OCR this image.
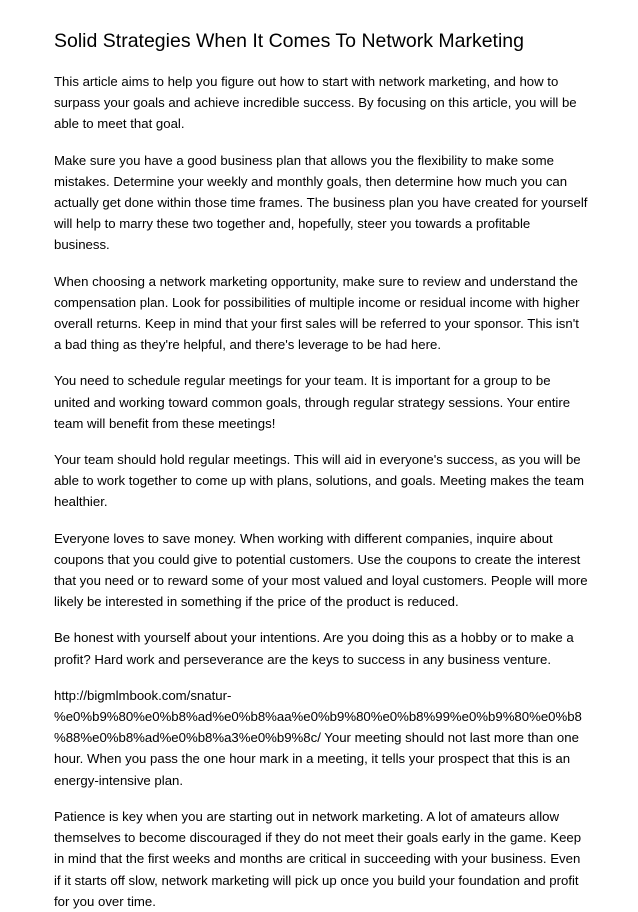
Solid Strategies When It Comes To Network Marketing

This article aims to help you figure out how to start with network marketing, and how to surpass your goals and achieve incredible success. By focusing on this article, you will be able to meet that goal.

Make sure you have a good business plan that allows you the flexibility to make some mistakes. Determine your weekly and monthly goals, then determine how much you can actually get done within those time frames. The business plan you have created for yourself will help to marry these two together and, hopefully, steer you towards a profitable business.

When choosing a network marketing opportunity, make sure to review and understand the compensation plan. Look for possibilities of multiple income or residual income with higher overall returns. Keep in mind that your first sales will be referred to your sponsor. This isn't a bad thing as they're helpful, and there's leverage to be had here.

You need to schedule regular meetings for your team. It is important for a group to be united and working toward common goals, through regular strategy sessions. Your entire team will benefit from these meetings!

Your team should hold regular meetings. This will aid in everyone's success, as you will be able to work together to come up with plans, solutions, and goals. Meeting makes the team healthier.

Everyone loves to save money. When working with different companies, inquire about coupons that you could give to potential customers. Use the coupons to create the interest that you need or to reward some of your most valued and loyal customers. People will more likely be interested in something if the price of the product is reduced.

Be honest with yourself about your intentions. Are you doing this as a hobby or to make a profit? Hard work and perseverance are the keys to success in any business venture.

http://bigmlmbook.com/snatur-%e0%b9%80%e0%b8%ad%e0%b8%aa%e0%b9%80%e0%b8%99%e0%b9%80%e0%b8%88%e0%b8%ad%e0%b8%a3%e0%b9%8c/ Your meeting should not last more than one hour. When you pass the one hour mark in a meeting, it tells your prospect that this is an energy-intensive plan.

Patience is key when you are starting out in network marketing. A lot of amateurs allow themselves to become discouraged if they do not meet their goals early in the game. Keep in mind that the first weeks and months are critical in succeeding with your business. Even if it starts off slow, network marketing will pick up once you build your foundation and profit for you over time.
